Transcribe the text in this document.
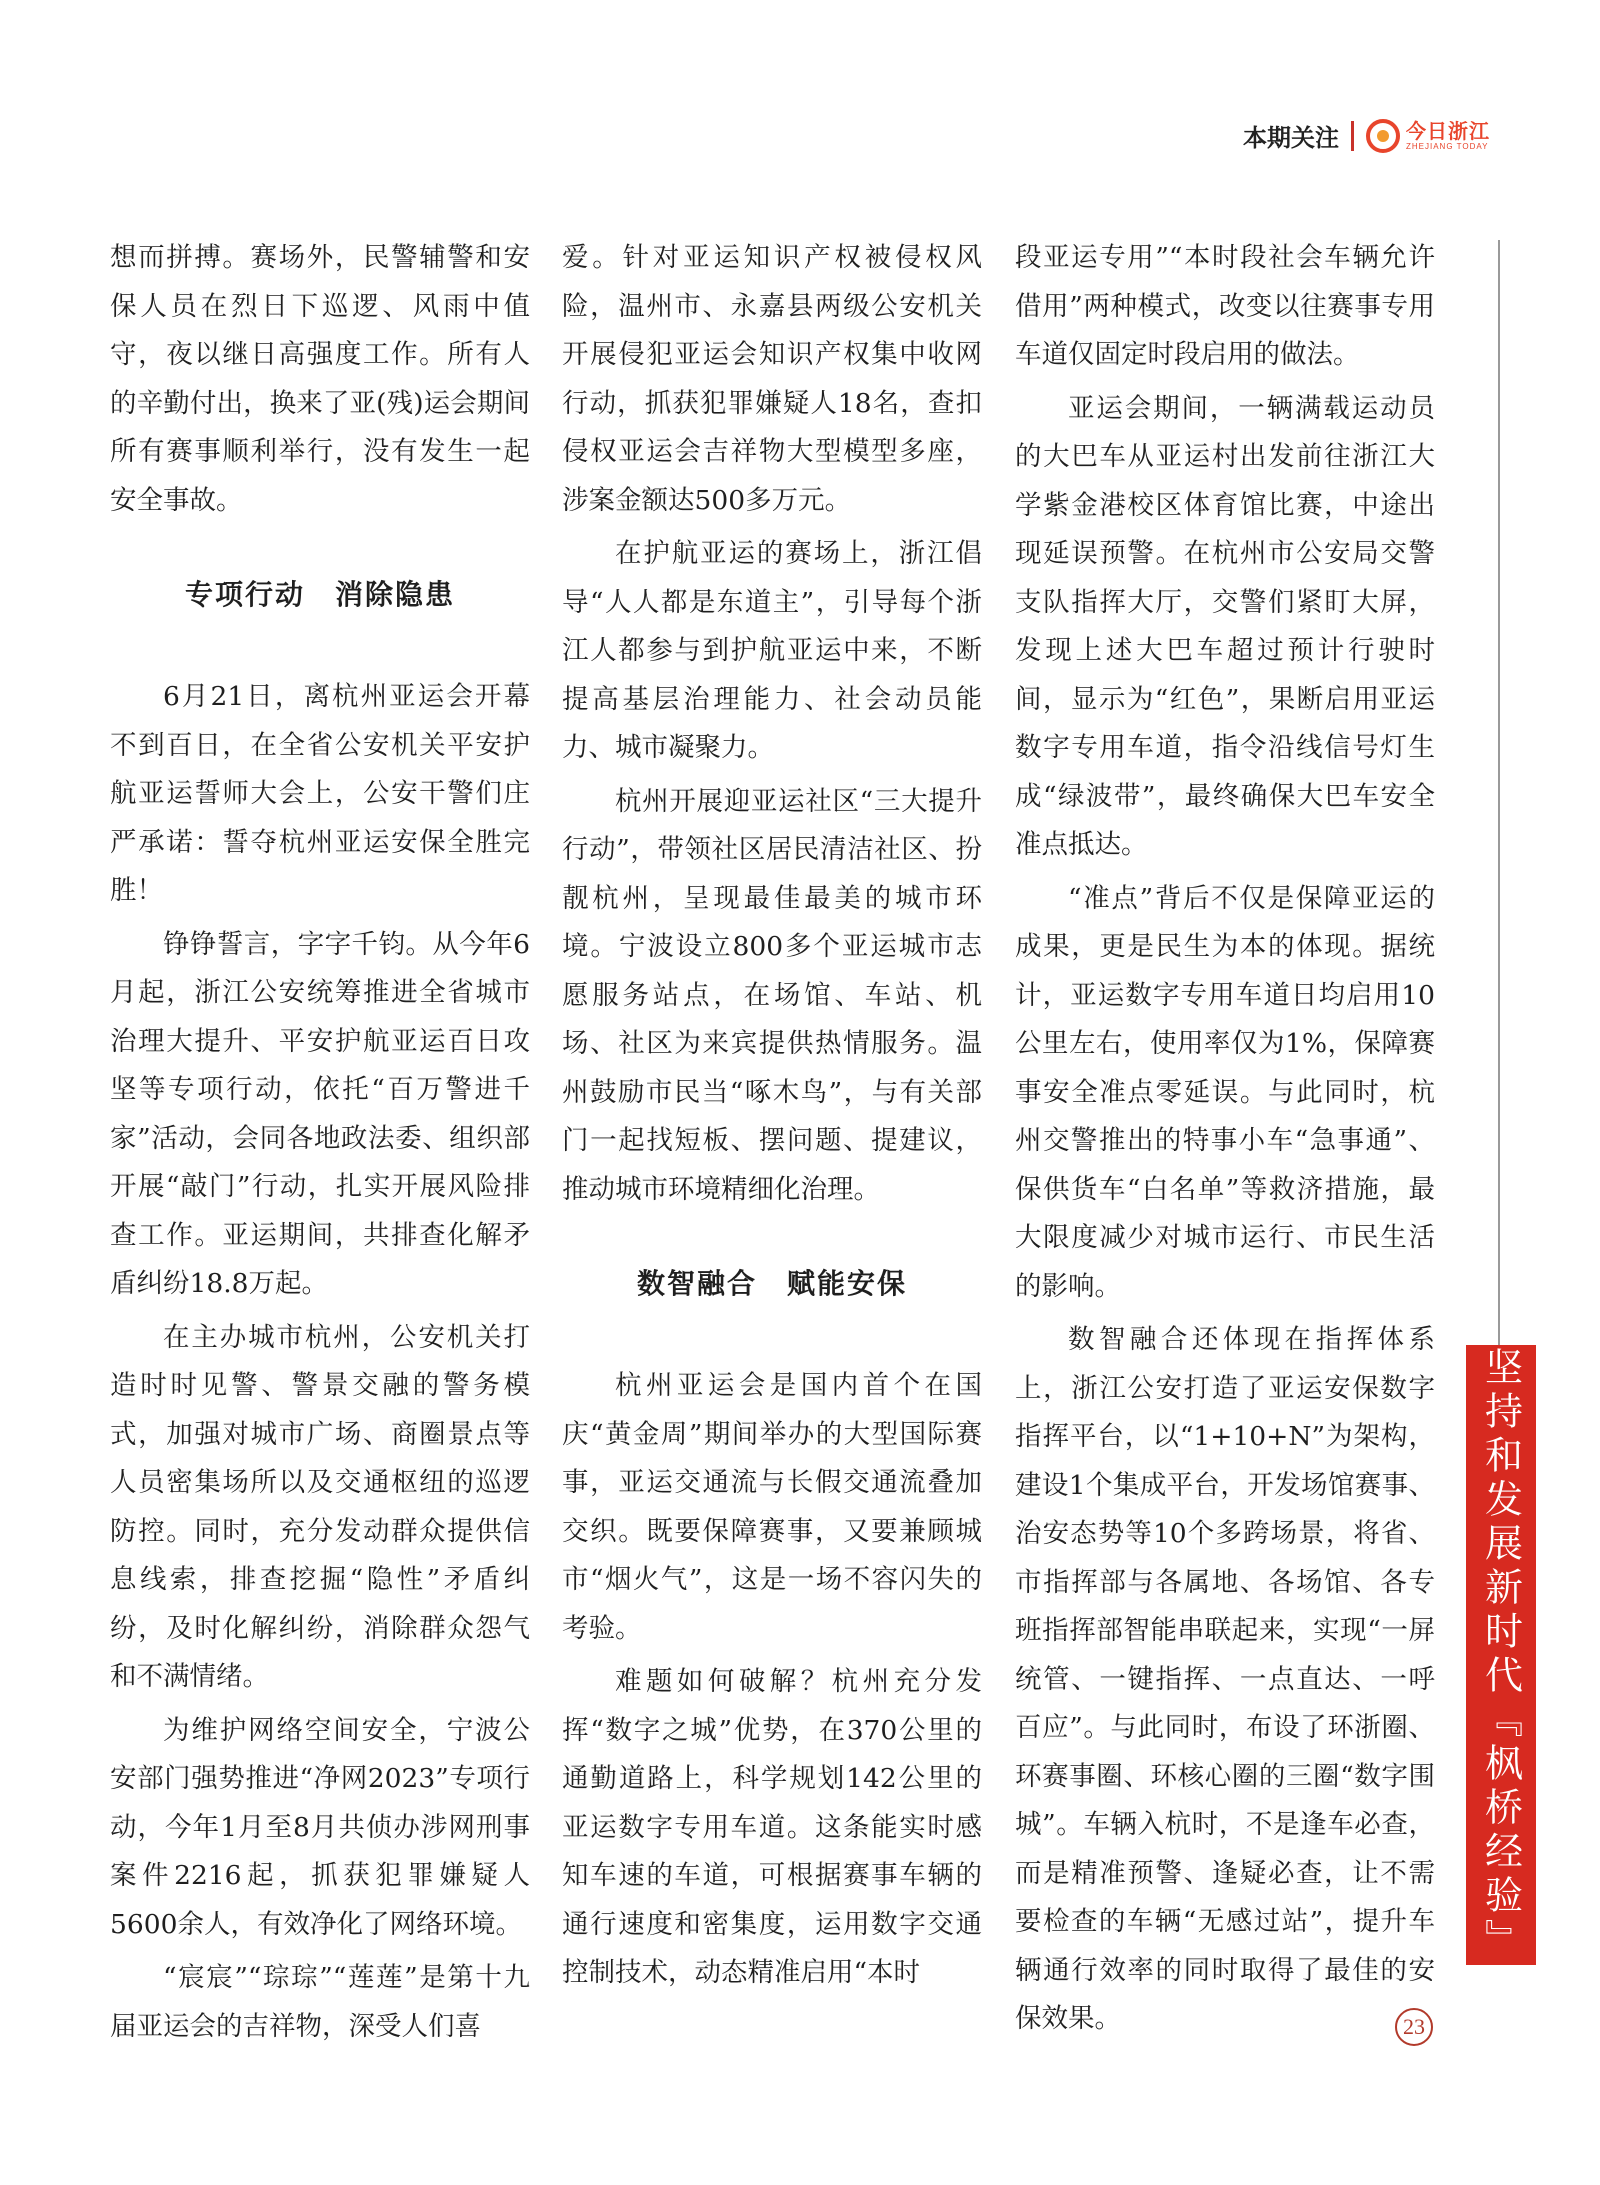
本期关注	今日浙江
ZHEJIANG TODAY
坚持和发展新时代『枫桥经验』

想而拼搏。赛场外，民警辅警和安保人员在烈日下巡逻、风雨中值守，夜以继日高强度工作。所有人的辛勤付出，换来了亚(残)运会期间所有赛事顺利举行，没有发生一起安全事故。

专项行动　消除隐患

6月21日，离杭州亚运会开幕不到百日，在全省公安机关平安护航亚运誓师大会上，公安干警们庄严承诺：誓夺杭州亚运安保全胜完胜！

铮铮誓言，字字千钧。从今年6月起，浙江公安统筹推进全省城市治理大提升、平安护航亚运百日攻坚等专项行动，依托“百万警进千家”活动，会同各地政法委、组织部开展“敲门”行动，扎实开展风险排查工作。亚运期间，共排查化解矛盾纠纷18.8万起。

在主办城市杭州，公安机关打造时时见警、警景交融的警务模式，加强对城市广场、商圈景点等人员密集场所以及交通枢纽的巡逻防控。同时，充分发动群众提供信息线索，排查挖掘“隐性”矛盾纠纷，及时化解纠纷，消除群众怨气和不满情绪。

为维护网络空间安全，宁波公安部门强势推进“净网2023”专项行动，今年1月至8月共侦办涉网刑事案件2216起，抓获犯罪嫌疑人5600余人，有效净化了网络环境。

“宸宸”“琮琮”“莲莲”是第十九届亚运会的吉祥物，深受人们喜

爱。针对亚运知识产权被侵权风险，温州市、永嘉县两级公安机关开展侵犯亚运会知识产权集中收网行动，抓获犯罪嫌疑人18名，查扣侵权亚运会吉祥物大型模型多座，涉案金额达500多万元。

在护航亚运的赛场上，浙江倡导“人人都是东道主”，引导每个浙江人都参与到护航亚运中来，不断提高基层治理能力、社会动员能力、城市凝聚力。

杭州开展迎亚运社区“三大提升行动”，带领社区居民清洁社区、扮靓杭州，呈现最佳最美的城市环境。宁波设立800多个亚运城市志愿服务站点，在场馆、车站、机场、社区为来宾提供热情服务。温州鼓励市民当“啄木鸟”，与有关部门一起找短板、摆问题、提建议，推动城市环境精细化治理。

数智融合　赋能安保

杭州亚运会是国内首个在国庆“黄金周”期间举办的大型国际赛事，亚运交通流与长假交通流叠加交织。既要保障赛事，又要兼顾城市“烟火气”，这是一场不容闪失的考验。

难题如何破解？杭州充分发挥“数字之城”优势，在370公里的通勤道路上，科学规划142公里的亚运数字专用车道。这条能实时感知车速的车道，可根据赛事车辆的通行速度和密集度，运用数字交通控制技术，动态精准启用“本时

段亚运专用”“本时段社会车辆允许借用”两种模式，改变以往赛事专用车道仅固定时段启用的做法。

亚运会期间，一辆满载运动员的大巴车从亚运村出发前往浙江大学紫金港校区体育馆比赛，中途出现延误预警。在杭州市公安局交警支队指挥大厅，交警们紧盯大屏，发现上述大巴车超过预计行驶时间，显示为“红色”，果断启用亚运数字专用车道，指令沿线信号灯生成“绿波带”，最终确保大巴车安全准点抵达。

“准点”背后不仅是保障亚运的成果，更是民生为本的体现。据统计，亚运数字专用车道日均启用10公里左右，使用率仅为1%，保障赛事安全准点零延误。与此同时，杭州交警推出的特事小车“急事通”、保供货车“白名单”等救济措施，最大限度减少对城市运行、市民生活的影响。

数智融合还体现在指挥体系上，浙江公安打造了亚运安保数字指挥平台，以“1+10+N”为架构，建设1个集成平台，开发场馆赛事、治安态势等10个多跨场景，将省、市指挥部与各属地、各场馆、各专班指挥部智能串联起来，实现“一屏统管、一键指挥、一点直达、一呼百应”。与此同时，布设了环浙圈、环赛事圈、环核心圈的三圈“数字围城”。车辆入杭时，不是逢车必查，而是精准预警、逢疑必查，让不需要检查的车辆“无感过站”，提升车辆通行效率的同时取得了最佳的安保效果。	23
